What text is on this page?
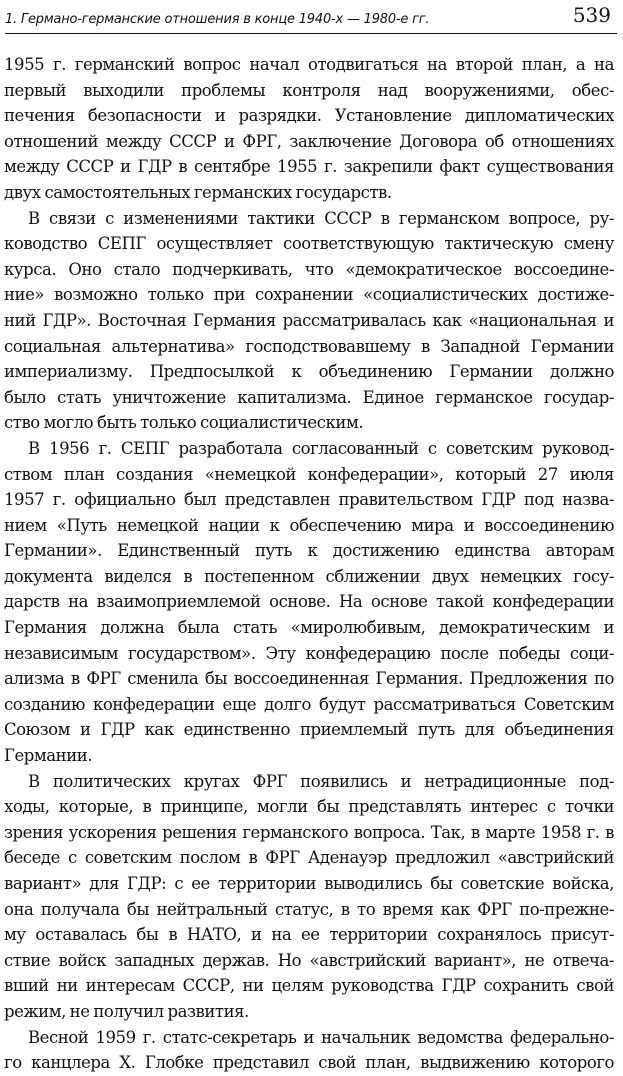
1. Германо-германские отношения в конце 1940-х — 1980-е гг.	539
1955 г. германский вопрос начал отодвигаться на второй план, а на
первый выходили проблемы контроля над вооружениями, обес-
печения безопасности и разрядки. Установление дипломатических
отношений между СССР и ФРГ, заключение Договора об отношениях
между СССР и ГДР в сентябре 1955 г. закрепили факт существования
двух самостоятельных германских государств.
В связи с изменениями тактики СССР в германском вопросе, ру-
ководство СЕПГ осуществляет соответствующую тактическую смену
курса. Оно стало подчеркивать, что «демократическое воссоедине-
ние» возможно только при сохранении «социалистических достиже-
ний ГДР». Восточная Германия рассматривалась как «национальная и
социальная альтернатива» господствовавшему в Западной Германии
империализму. Предпосылкой к объединению Германии должно
было стать уничтожение капитализма. Единое германское государ-
ство могло быть только социалистическим.
В 1956 г. СЕПГ разработала согласованный с советским руковод-
ством план создания «немецкой конфедерации», который 27 июля
1957 г. официально был представлен правительством ГДР под назва-
нием «Путь немецкой нации к обеспечению мира и воссоединению
Германии». Единственный путь к достижению единства авторам
документа виделся в постепенном сближении двух немецких госу-
дарств на взаимоприемлемой основе. На основе такой конфедерации
Германия должна была стать «миролюбивым, демократическим и
независимым государством». Эту конфедерацию после победы соци-
ализма в ФРГ сменила бы воссоединенная Германия. Предложения по
созданию конфедерации еще долго будут рассматриваться Советским
Союзом и ГДР как единственно приемлемый путь для объединения
Германии.
В политических кругах ФРГ появились и нетрадиционные под-
ходы, которые, в принципе, могли бы представлять интерес с точки
зрения ускорения решения германского вопроса. Так, в марте 1958 г. в
беседе с советским послом в ФРГ Аденауэр предложил «австрийский
вариант» для ГДР: с ее территории выводились бы советские войска,
она получала бы нейтральный статус, в то время как ФРГ по-прежне-
му оставалась бы в НАТО, и на ее территории сохранялось присут-
ствие войск западных держав. Но «австрийский вариант», не отвеча-
вший ни интересам СССР, ни целям руководства ГДР сохранить свой
режим, не получил развития.
Весной 1959 г. статс-секретарь и начальник ведомства федерально-
го канцлера Х. Глобке представил свой план, выдвижению которого
